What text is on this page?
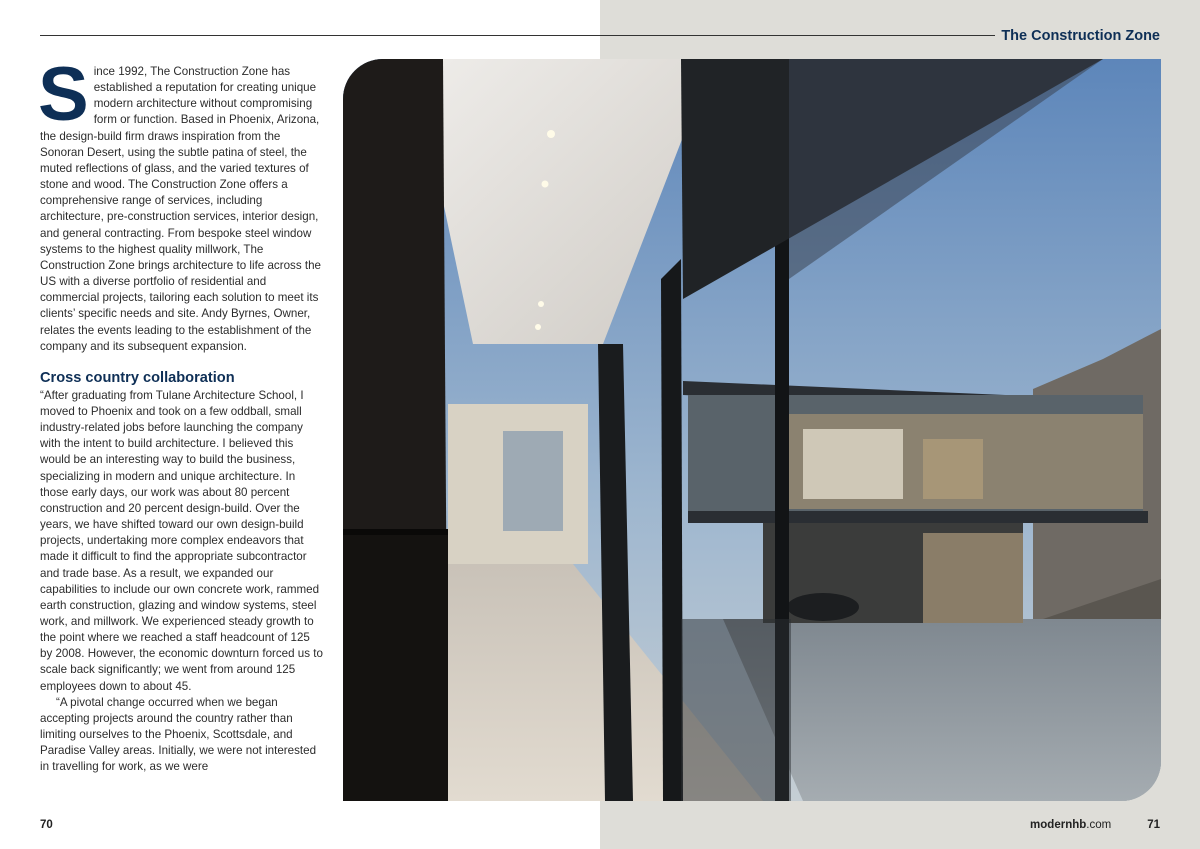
The Construction Zone

Since 1992, The Construction Zone has established a reputation for creating unique modern architecture without compromising form or function. Based in Phoenix, Arizona, the design-build firm draws inspiration from the Sonoran Desert, using the subtle patina of steel, the muted reflections of glass, and the varied textures of stone and wood. The Construction Zone offers a comprehensive range of services, including architecture, pre-construction services, interior design, and general contracting. From bespoke steel window systems to the highest quality millwork, The Construction Zone brings architecture to life across the US with a diverse portfolio of residential and commercial projects, tailoring each solution to meet its clients’ specific needs and site. Andy Byrnes, Owner, relates the events leading to the establishment of the company and its subsequent expansion.

Cross country collaboration

“After graduating from Tulane Architecture School, I moved to Phoenix and took on a few oddball, small industry-related jobs before launching the company with the intent to build architecture. I believed this would be an interesting way to build the business, specializing in modern and unique architecture. In those early days, our work was about 80 percent construction and 20 percent design-build. Over the years, we have shifted toward our own design-build projects, undertaking more complex endeavors that made it difficult to find the appropriate subcontractor and trade base. As a result, we expanded our capabilities to include our own concrete work, rammed earth construction, glazing and window systems, steel work, and millwork. We experienced steady growth to the point where we reached a staff headcount of 125 by 2008. However, the economic downturn forced us to scale back significantly; we went from around 125 employees down to about 45.

“A pivotal change occurred when we began accepting projects around the country rather than limiting ourselves to the Phoenix, Scottsdale, and Paradise Valley areas. Initially, we were not interested in travelling for work, as we were

70	modernhb.com	71
